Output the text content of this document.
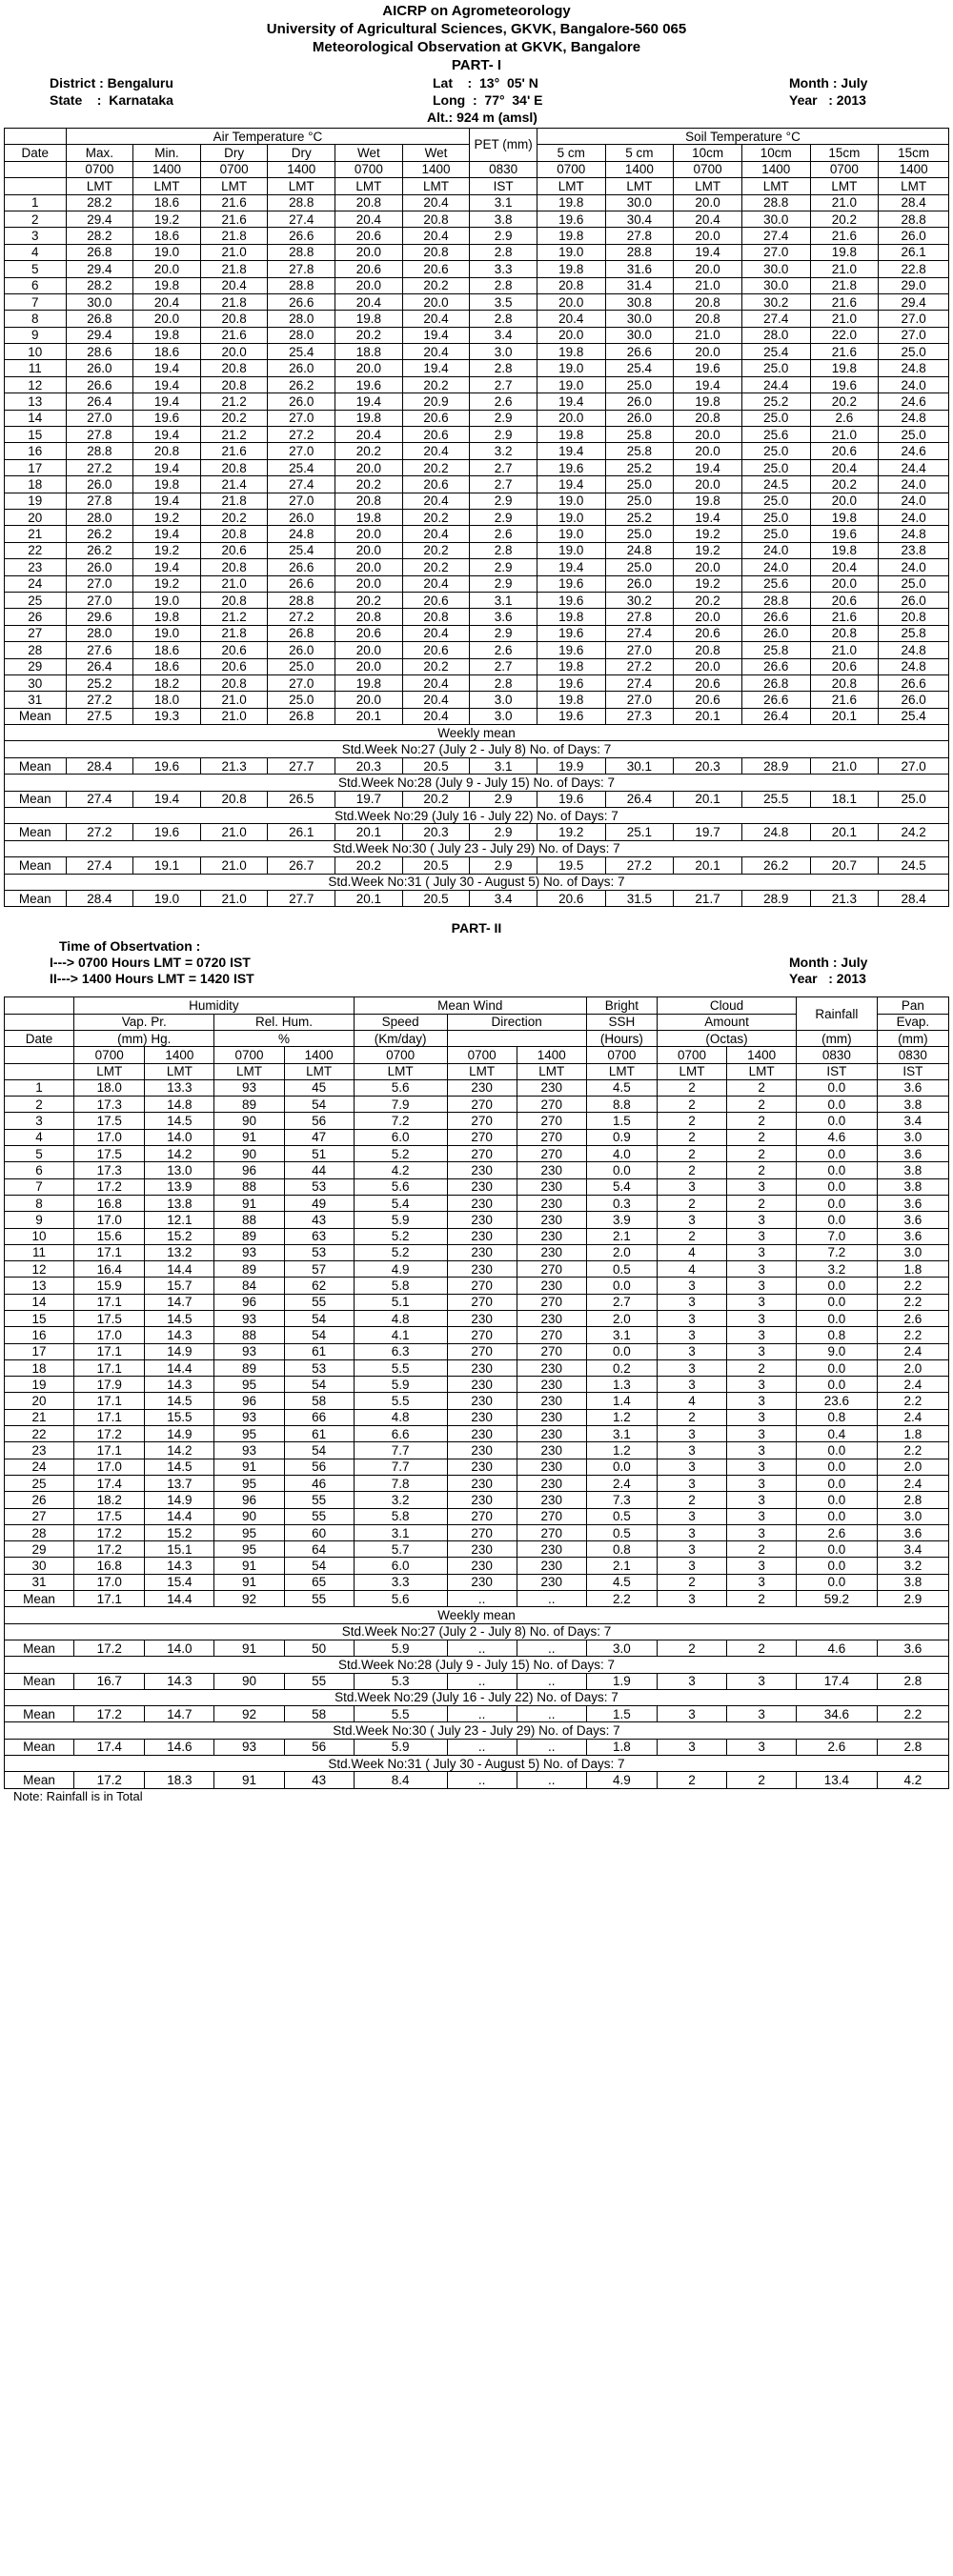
AICRP on Agrometeorology
University of Agricultural Sciences, GKVK, Bangalore-560 065
Meteorological Observation at GKVK, Bangalore
PART- I
District : Bengaluru
State    :  Karnataka
Lat    :  13°  05' N
Long  :  77°  34' E
Alt.: 924 m (amsl)
Month : July
Year   : 2013
	Air Temperature °C						PET (mm)	Soil Temperature °C					
Date	Max.	Min.	Dry	Dry	Wet	Wet		5 cm	5 cm	10cm	10cm	15cm	15cm
	0700	1400	0700	1400	0700	1400	0830	0700	1400	0700	1400	0700	1400
	LMT	LMT	LMT	LMT	LMT	LMT	IST	LMT	LMT	LMT	LMT	LMT	LMT
1	28.2	18.6	21.6	28.8	20.8	20.4	3.1	19.8	30.0	20.0	28.8	21.0	28.4
2	29.4	19.2	21.6	27.4	20.4	20.8	3.8	19.6	30.4	20.4	30.0	20.2	28.8
3	28.2	18.6	21.8	26.6	20.6	20.4	2.9	19.8	27.8	20.0	27.4	21.6	26.0
4	26.8	19.0	21.0	28.8	20.0	20.8	2.8	19.0	28.8	19.4	27.0	19.8	26.1
5	29.4	20.0	21.8	27.8	20.6	20.6	3.3	19.8	31.6	20.0	30.0	21.0	22.8
6	28.2	19.8	20.4	28.8	20.0	20.2	2.8	20.8	31.4	21.0	30.0	21.8	29.0
7	30.0	20.4	21.8	26.6	20.4	20.0	3.5	20.0	30.8	20.8	30.2	21.6	29.4
8	26.8	20.0	20.8	28.0	19.8	20.4	2.8	20.4	30.0	20.8	27.4	21.0	27.0
9	29.4	19.8	21.6	28.0	20.2	19.4	3.4	20.0	30.0	21.0	28.0	22.0	27.0
10	28.6	18.6	20.0	25.4	18.8	20.4	3.0	19.8	26.6	20.0	25.4	21.6	25.0
11	26.0	19.4	20.8	26.0	20.0	19.4	2.8	19.0	25.4	19.6	25.0	19.8	24.8
12	26.6	19.4	20.8	26.2	19.6	20.2	2.7	19.0	25.0	19.4	24.4	19.6	24.0
13	26.4	19.4	21.2	26.0	19.4	20.9	2.6	19.4	26.0	19.8	25.2	20.2	24.6
14	27.0	19.6	20.2	27.0	19.8	20.6	2.9	20.0	26.0	20.8	25.0	2.6	24.8
15	27.8	19.4	21.2	27.2	20.4	20.6	2.9	19.8	25.8	20.0	25.6	21.0	25.0
16	28.8	20.8	21.6	27.0	20.2	20.4	3.2	19.4	25.8	20.0	25.0	20.6	24.6
17	27.2	19.4	20.8	25.4	20.0	20.2	2.7	19.6	25.2	19.4	25.0	20.4	24.4
18	26.0	19.8	21.4	27.4	20.2	20.6	2.7	19.4	25.0	20.0	24.5	20.2	24.0
19	27.8	19.4	21.8	27.0	20.8	20.4	2.9	19.0	25.0	19.8	25.0	20.0	24.0
20	28.0	19.2	20.2	26.0	19.8	20.2	2.9	19.0	25.2	19.4	25.0	19.8	24.0
21	26.2	19.4	20.8	24.8	20.0	20.4	2.6	19.0	25.0	19.2	25.0	19.6	24.8
22	26.2	19.2	20.6	25.4	20.0	20.2	2.8	19.0	24.8	19.2	24.0	19.8	23.8
23	26.0	19.4	20.8	26.6	20.0	20.2	2.9	19.4	25.0	20.0	24.0	20.4	24.0
24	27.0	19.2	21.0	26.6	20.0	20.4	2.9	19.6	26.0	19.2	25.6	20.0	25.0
25	27.0	19.0	20.8	28.8	20.2	20.6	3.1	19.6	30.2	20.2	28.8	20.6	26.0
26	29.6	19.8	21.2	27.2	20.8	20.8	3.6	19.8	27.8	20.0	26.6	21.6	20.8
27	28.0	19.0	21.8	26.8	20.6	20.4	2.9	19.6	27.4	20.6	26.0	20.8	25.8
28	27.6	18.6	20.6	26.0	20.0	20.6	2.6	19.6	27.0	20.8	25.8	21.0	24.8
29	26.4	18.6	20.6	25.0	20.0	20.2	2.7	19.8	27.2	20.0	26.6	20.6	24.8
30	25.2	18.2	20.8	27.0	19.8	20.4	2.8	19.6	27.4	20.6	26.8	20.8	26.6
31	27.2	18.0	21.0	25.0	20.0	20.4	3.0	19.8	27.0	20.6	26.6	21.6	26.0
Mean	27.5	19.3	21.0	26.8	20.1	20.4	3.0	19.6	27.3	20.1	26.4	20.1	25.4
Weekly mean													
Std.Week No:27 (July 2 - July 8) No. of Days: 7													
Mean	28.4	19.6	21.3	27.7	20.3	20.5	3.1	19.9	30.1	20.3	28.9	21.0	27.0
Std.Week No:28 (July 9 - July 15) No. of Days: 7													
Mean	27.4	19.4	20.8	26.5	19.7	20.2	2.9	19.6	26.4	20.1	25.5	18.1	25.0
Std.Week No:29 (July 16 - July 22) No. of Days: 7													
Mean	27.2	19.6	21.0	26.1	20.1	20.3	2.9	19.2	25.1	19.7	24.8	20.1	24.2
Std.Week No:30 ( July 23 - July 29) No. of Days: 7													
Mean	27.4	19.1	21.0	26.7	20.2	20.5	2.9	19.5	27.2	20.1	26.2	20.7	24.5
Std.Week No:31 ( July 30 - August 5) No. of Days: 7													
Mean	28.4	19.0	21.0	27.7	20.1	20.5	3.4	20.6	31.5	21.7	28.9	21.3	28.4
PART- II
Time of Obsertvation :
I---> 0700 Hours LMT = 0720 IST
II---> 1400 Hours LMT = 1420 IST
Month : July
Year   : 2013
	Humidity				Mean Wind			Bright	Cloud		Rainfall	Pan
	Vap. Pr.		Rel. Hum.		Speed	Direction		SSH	Amount			Evap.
Date	(mm) Hg.		%		(Km/day)			(Hours)	(Octas)		(mm)	(mm)
	0700	1400	0700	1400	0700	0700	1400	0700	0700	1400	0830	0830
	LMT	LMT	LMT	LMT	LMT	LMT	LMT	LMT	LMT	LMT	IST	IST
1	18.0	13.3	93	45	5.6	230	230	4.5	2	2	0.0	3.6
2	17.3	14.8	89	54	7.9	270	270	8.8	2	2	0.0	3.8
3	17.5	14.5	90	56	7.2	270	270	1.5	2	2	0.0	3.4
4	17.0	14.0	91	47	6.0	270	270	0.9	2	2	4.6	3.0
5	17.5	14.2	90	51	5.2	270	270	4.0	2	2	0.0	3.6
6	17.3	13.0	96	44	4.2	230	230	0.0	2	2	0.0	3.8
7	17.2	13.9	88	53	5.6	230	230	5.4	3	3	0.0	3.8
8	16.8	13.8	91	49	5.4	230	230	0.3	2	2	0.0	3.6
9	17.0	12.1	88	43	5.9	230	230	3.9	3	3	0.0	3.6
10	15.6	15.2	89	63	5.2	230	230	2.1	2	3	7.0	3.6
11	17.1	13.2	93	53	5.2	230	230	2.0	4	3	7.2	3.0
12	16.4	14.4	89	57	4.9	230	270	0.5	4	3	3.2	1.8
13	15.9	15.7	84	62	5.8	270	230	0.0	3	3	0.0	2.2
14	17.1	14.7	96	55	5.1	270	270	2.7	3	3	0.0	2.2
15	17.5	14.5	93	54	4.8	230	230	2.0	3	3	0.0	2.6
16	17.0	14.3	88	54	4.1	270	270	3.1	3	3	0.8	2.2
17	17.1	14.9	93	61	6.3	270	270	0.0	3	3	9.0	2.4
18	17.1	14.4	89	53	5.5	230	230	0.2	3	2	0.0	2.0
19	17.9	14.3	95	54	5.9	230	230	1.3	3	3	0.0	2.4
20	17.1	14.5	96	58	5.5	230	230	1.4	4	3	23.6	2.2
21	17.1	15.5	93	66	4.8	230	230	1.2	2	3	0.8	2.4
22	17.2	14.9	95	61	6.6	230	230	3.1	3	3	0.4	1.8
23	17.1	14.2	93	54	7.7	230	230	1.2	3	3	0.0	2.2
24	17.0	14.5	91	56	7.7	230	230	0.0	3	3	0.0	2.0
25	17.4	13.7	95	46	7.8	230	230	2.4	3	3	0.0	2.4
26	18.2	14.9	96	55	3.2	230	230	7.3	2	3	0.0	2.8
27	17.5	14.4	90	55	5.8	270	270	0.5	3	3	0.0	3.0
28	17.2	15.2	95	60	3.1	270	270	0.5	3	3	2.6	3.6
29	17.2	15.1	95	64	5.7	230	230	0.8	3	2	0.0	3.4
30	16.8	14.3	91	54	6.0	230	230	2.1	3	3	0.0	3.2
31	17.0	15.4	91	65	3.3	230	230	4.5	2	3	0.0	3.8
Mean	17.1	14.4	92	55	5.6	..	..	2.2	3	2	59.2	2.9
Weekly mean												
Std.Week No:27 (July 2 - July 8) No. of Days: 7												
Mean	17.2	14.0	91	50	5.9	..	..	3.0	2	2	4.6	3.6
Std.Week No:28 (July 9 - July 15) No. of Days: 7												
Mean	16.7	14.3	90	55	5.3	..	..	1.9	3	3	17.4	2.8
Std.Week No:29 (July 16 - July 22) No. of Days: 7												
Mean	17.2	14.7	92	58	5.5	..	..	1.5	3	3	34.6	2.2
Std.Week No:30 ( July 23 - July 29) No. of Days: 7												
Mean	17.4	14.6	93	56	5.9	..	..	1.8	3	3	2.6	2.8
Std.Week No:31 ( July 30 - August 5) No. of Days: 7												
Mean	17.2	18.3	91	43	8.4	..	..	4.9	2	2	13.4	4.2
Note: Rainfall is in Total
